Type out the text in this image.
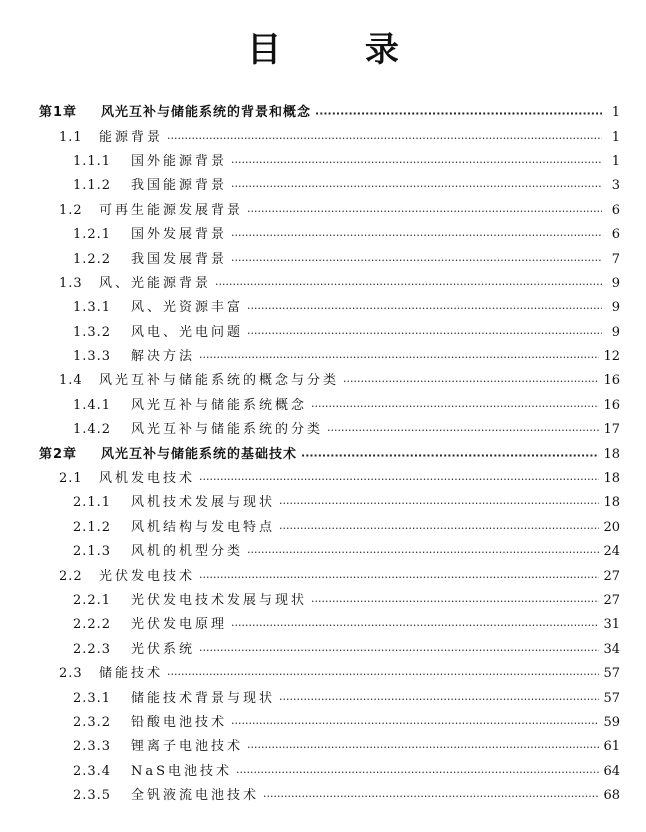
目 录
第1章	风光互补与储能系统的背景和概念 ·····	1
1.1	能源背景 ·····	1
1.1.1	国外能源背景 ·····	1
1.1.2	我国能源背景 ·····	3
1.2	可再生能源发展背景 ·····	6
1.2.1	国外发展背景 ·····	6
1.2.2	我国发展背景 ·····	7
1.3	风、光能源背景 ·····	9
1.3.1	风、光资源丰富 ·····	9
1.3.2	风电、光电问题 ·····	9
1.3.3	解决方法 ·····	12
1.4	风光互补与储能系统的概念与分类 ·····	16
1.4.1	风光互补与储能系统概念 ·····	16
1.4.2	风光互补与储能系统的分类 ·····	17
第2章	风光互补与储能系统的基础技术 ·····	18
2.1	风机发电技术 ·····	18
2.1.1	风机技术发展与现状 ·····	18
2.1.2	风机结构与发电特点 ·····	20
2.1.3	风机的机型分类 ·····	24
2.2	光伏发电技术 ·····	27
2.2.1	光伏发电技术发展与现状 ·····	27
2.2.2	光伏发电原理 ·····	31
2.2.3	光伏系统 ·····	34
2.3	储能技术 ·····	57
2.3.1	储能技术背景与现状 ·····	57
2.3.2	铅酸电池技术 ·····	59
2.3.3	锂离子电池技术 ·····	61
2.3.4	NaS电池技术 ·····	64
2.3.5	全钒液流电池技术 ·····	68
